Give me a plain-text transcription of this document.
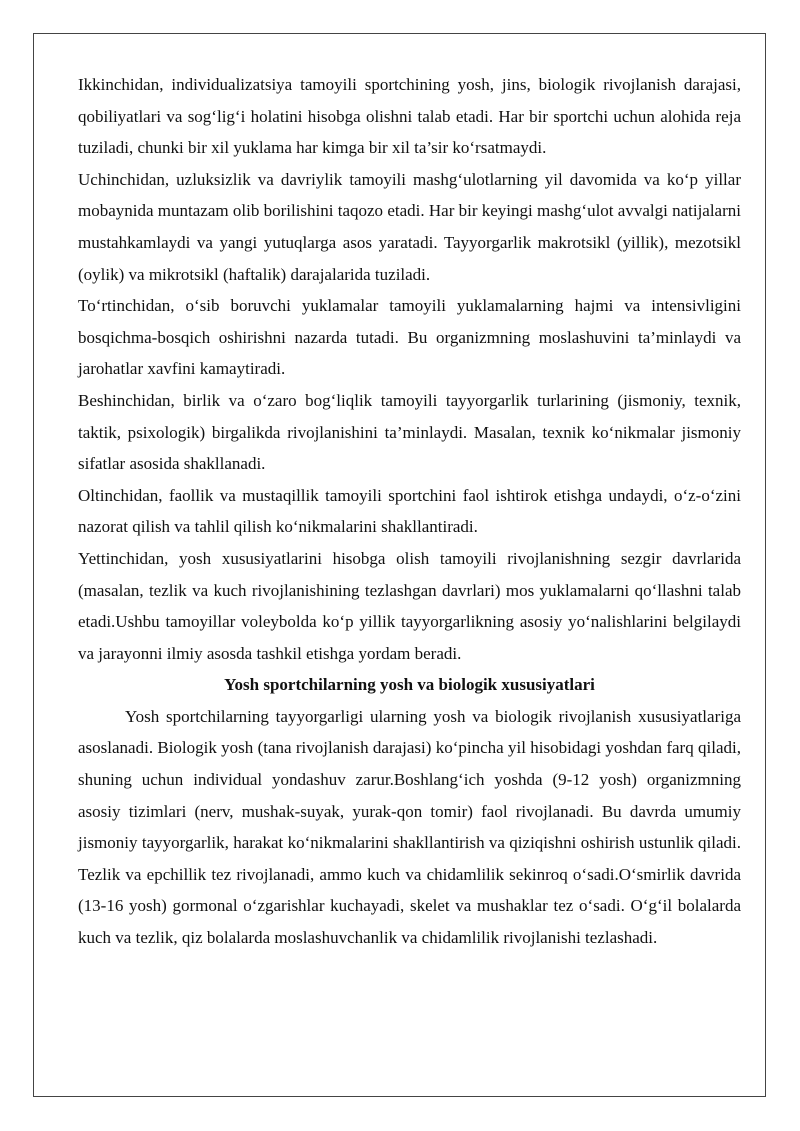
Ikkinchidan, individualizatsiya tamoyili sportchining yosh, jins, biologik rivojlanish darajasi, qobiliyatlari va sog‘lig‘i holatini hisobga olishni talab etadi. Har bir sportchi uchun alohida reja tuziladi, chunki bir xil yuklama har kimga bir xil ta’sir ko‘rsatmaydi.

Uchinchidan, uzluksizlik va davriylik tamoyili mashg‘ulotlarning yil davomida va ko‘p yillar mobaynida muntazam olib borilishini taqozo etadi. Har bir keyingi mashg‘ulot avvalgi natijalarni mustahkamlaydi va yangi yutuqlarga asos yaratadi. Tayyorgarlik makrotsikl (yillik), mezotsikl (oylik) va mikrotsikl (haftalik) darajalarida tuziladi.

To‘rtinchidan, o‘sib boruvchi yuklamalar tamoyili yuklamalarning hajmi va intensivligini bosqichma-bosqich oshirishni nazarda tutadi. Bu organizmning moslashuvini ta’minlaydi va jarohatlar xavfini kamaytiradi.

Beshinchidan, birlik va o‘zaro bog‘liqlik tamoyili tayyorgarlik turlarining (jismoniy, texnik, taktik, psixologik) birgalikda rivojlanishini ta’minlaydi. Masalan, texnik ko‘nikmalar jismoniy sifatlar asosida shakllanadi.

Oltinchidan, faollik va mustaqillik tamoyili sportchini faol ishtirok etishga undaydi, o‘z-o‘zini nazorat qilish va tahlil qilish ko‘nikmalarini shakllantiradi.

Yettinchidan, yosh xususiyatlarini hisobga olish tamoyili rivojlanishning sezgir davrlarida (masalan, tezlik va kuch rivojlanishining tezlashgan davrlari) mos yuklamalarni qo‘llashni talab etadi.Ushbu tamoyillar voleybolda ko‘p yillik tayyorgarlikning asosiy yo‘nalishlarini belgilaydi va jarayonni ilmiy asosda tashkil etishga yordam beradi.

Yosh sportchilarning yosh va biologik xususiyatlari

Yosh sportchilarning tayyorgarligi ularning yosh va biologik rivojlanish xususiyatlariga asoslanadi. Biologik yosh (tana rivojlanish darajasi) ko‘pincha yil hisobidagi yoshdan farq qiladi, shuning uchun individual yondashuv zarur.Boshlang‘ich yoshda (9-12 yosh) organizmning asosiy tizimlari (nerv, mushak-suyak, yurak-qon tomir) faol rivojlanadi. Bu davrda umumiy jismoniy tayyorgarlik, harakat ko‘nikmalarini shakllantirish va qiziqishni oshirish ustunlik qiladi. Tezlik va epchillik tez rivojlanadi, ammo kuch va chidamlilik sekinroq o‘sadi.O‘smirlik davrida (13-16 yosh) gormonal o‘zgarishlar kuchayadi, skelet va mushaklar tez o‘sadi. O‘g‘il bolalarda kuch va tezlik, qiz bolalarda moslashuvchanlik va chidamlilik rivojlanishi tezlashadi.
